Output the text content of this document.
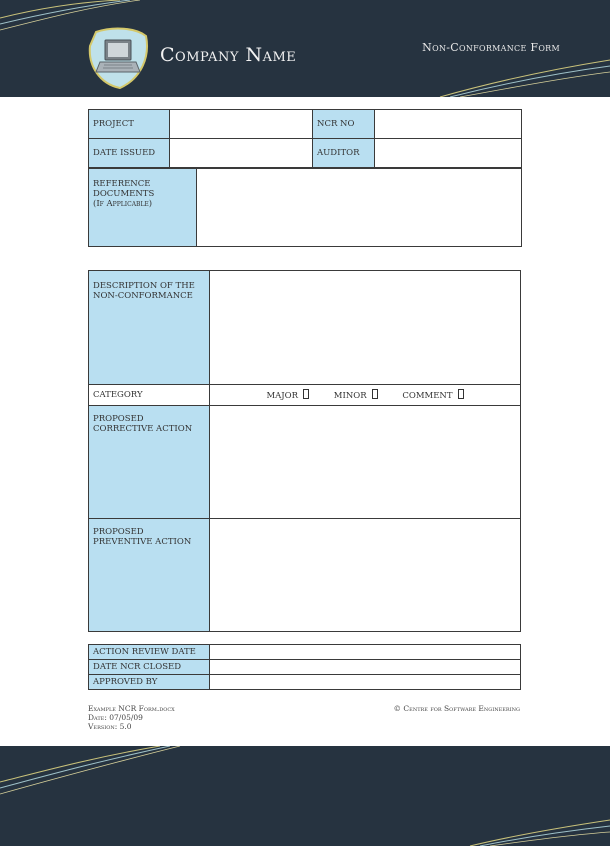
Company Name	Non-Conformance Form
PROJECT		NCR NO	
DATE ISSUED		AUDITOR	
REFERENCE DOCUMENTS
(If Applicable)

DESCRIPTION OF THE NON-CONFORMANCE	
CATEGORY	MAJOR MINOR COMMENT
PROPOSED CORRECTIVE ACTION	
PROPOSED PREVENTIVE ACTION	
ACTION REVIEW DATE	
DATE NCR CLOSED	
APPROVED BY	
Example NCR Form.docx
Date: 07/05/09
Version: 5.0
© Centre for Software Engineering
